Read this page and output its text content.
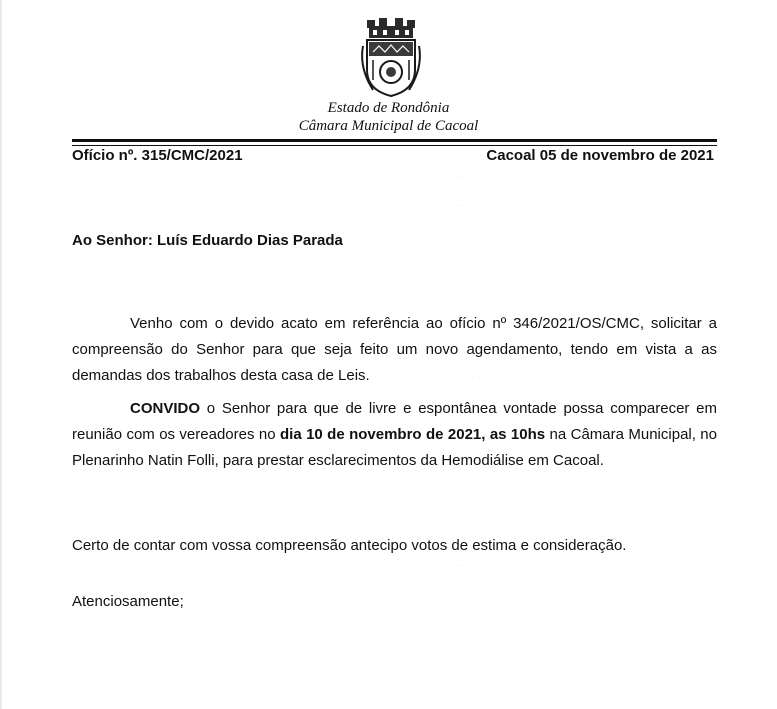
· · ·
· · ·
· · · ·
· · · ·
· · · ·
Estado de Rondônia
Câmara Municipal de Cacoal
Ofício nº. 315/CMC/2021	Cacoal 05 de novembro de 2021
Ao Senhor: Luís Eduardo Dias Parada

Venho com o devido acato em referência ao ofício nº 346/2021/OS/CMC, solicitar a compreensão do Senhor para que seja feito um novo agendamento, tendo em vista a as demandas dos trabalhos desta casa de Leis.

CONVIDO o Senhor para que de livre e espontânea vontade possa comparecer em reunião com os vereadores no dia 10 de novembro de 2021, as 10hs na Câmara Municipal, no Plenarinho Natin Folli, para prestar esclarecimentos da Hemodiálise em Cacoal.

Certo de contar com vossa compreensão antecipo votos de estima e consideração.

Atenciosamente;
